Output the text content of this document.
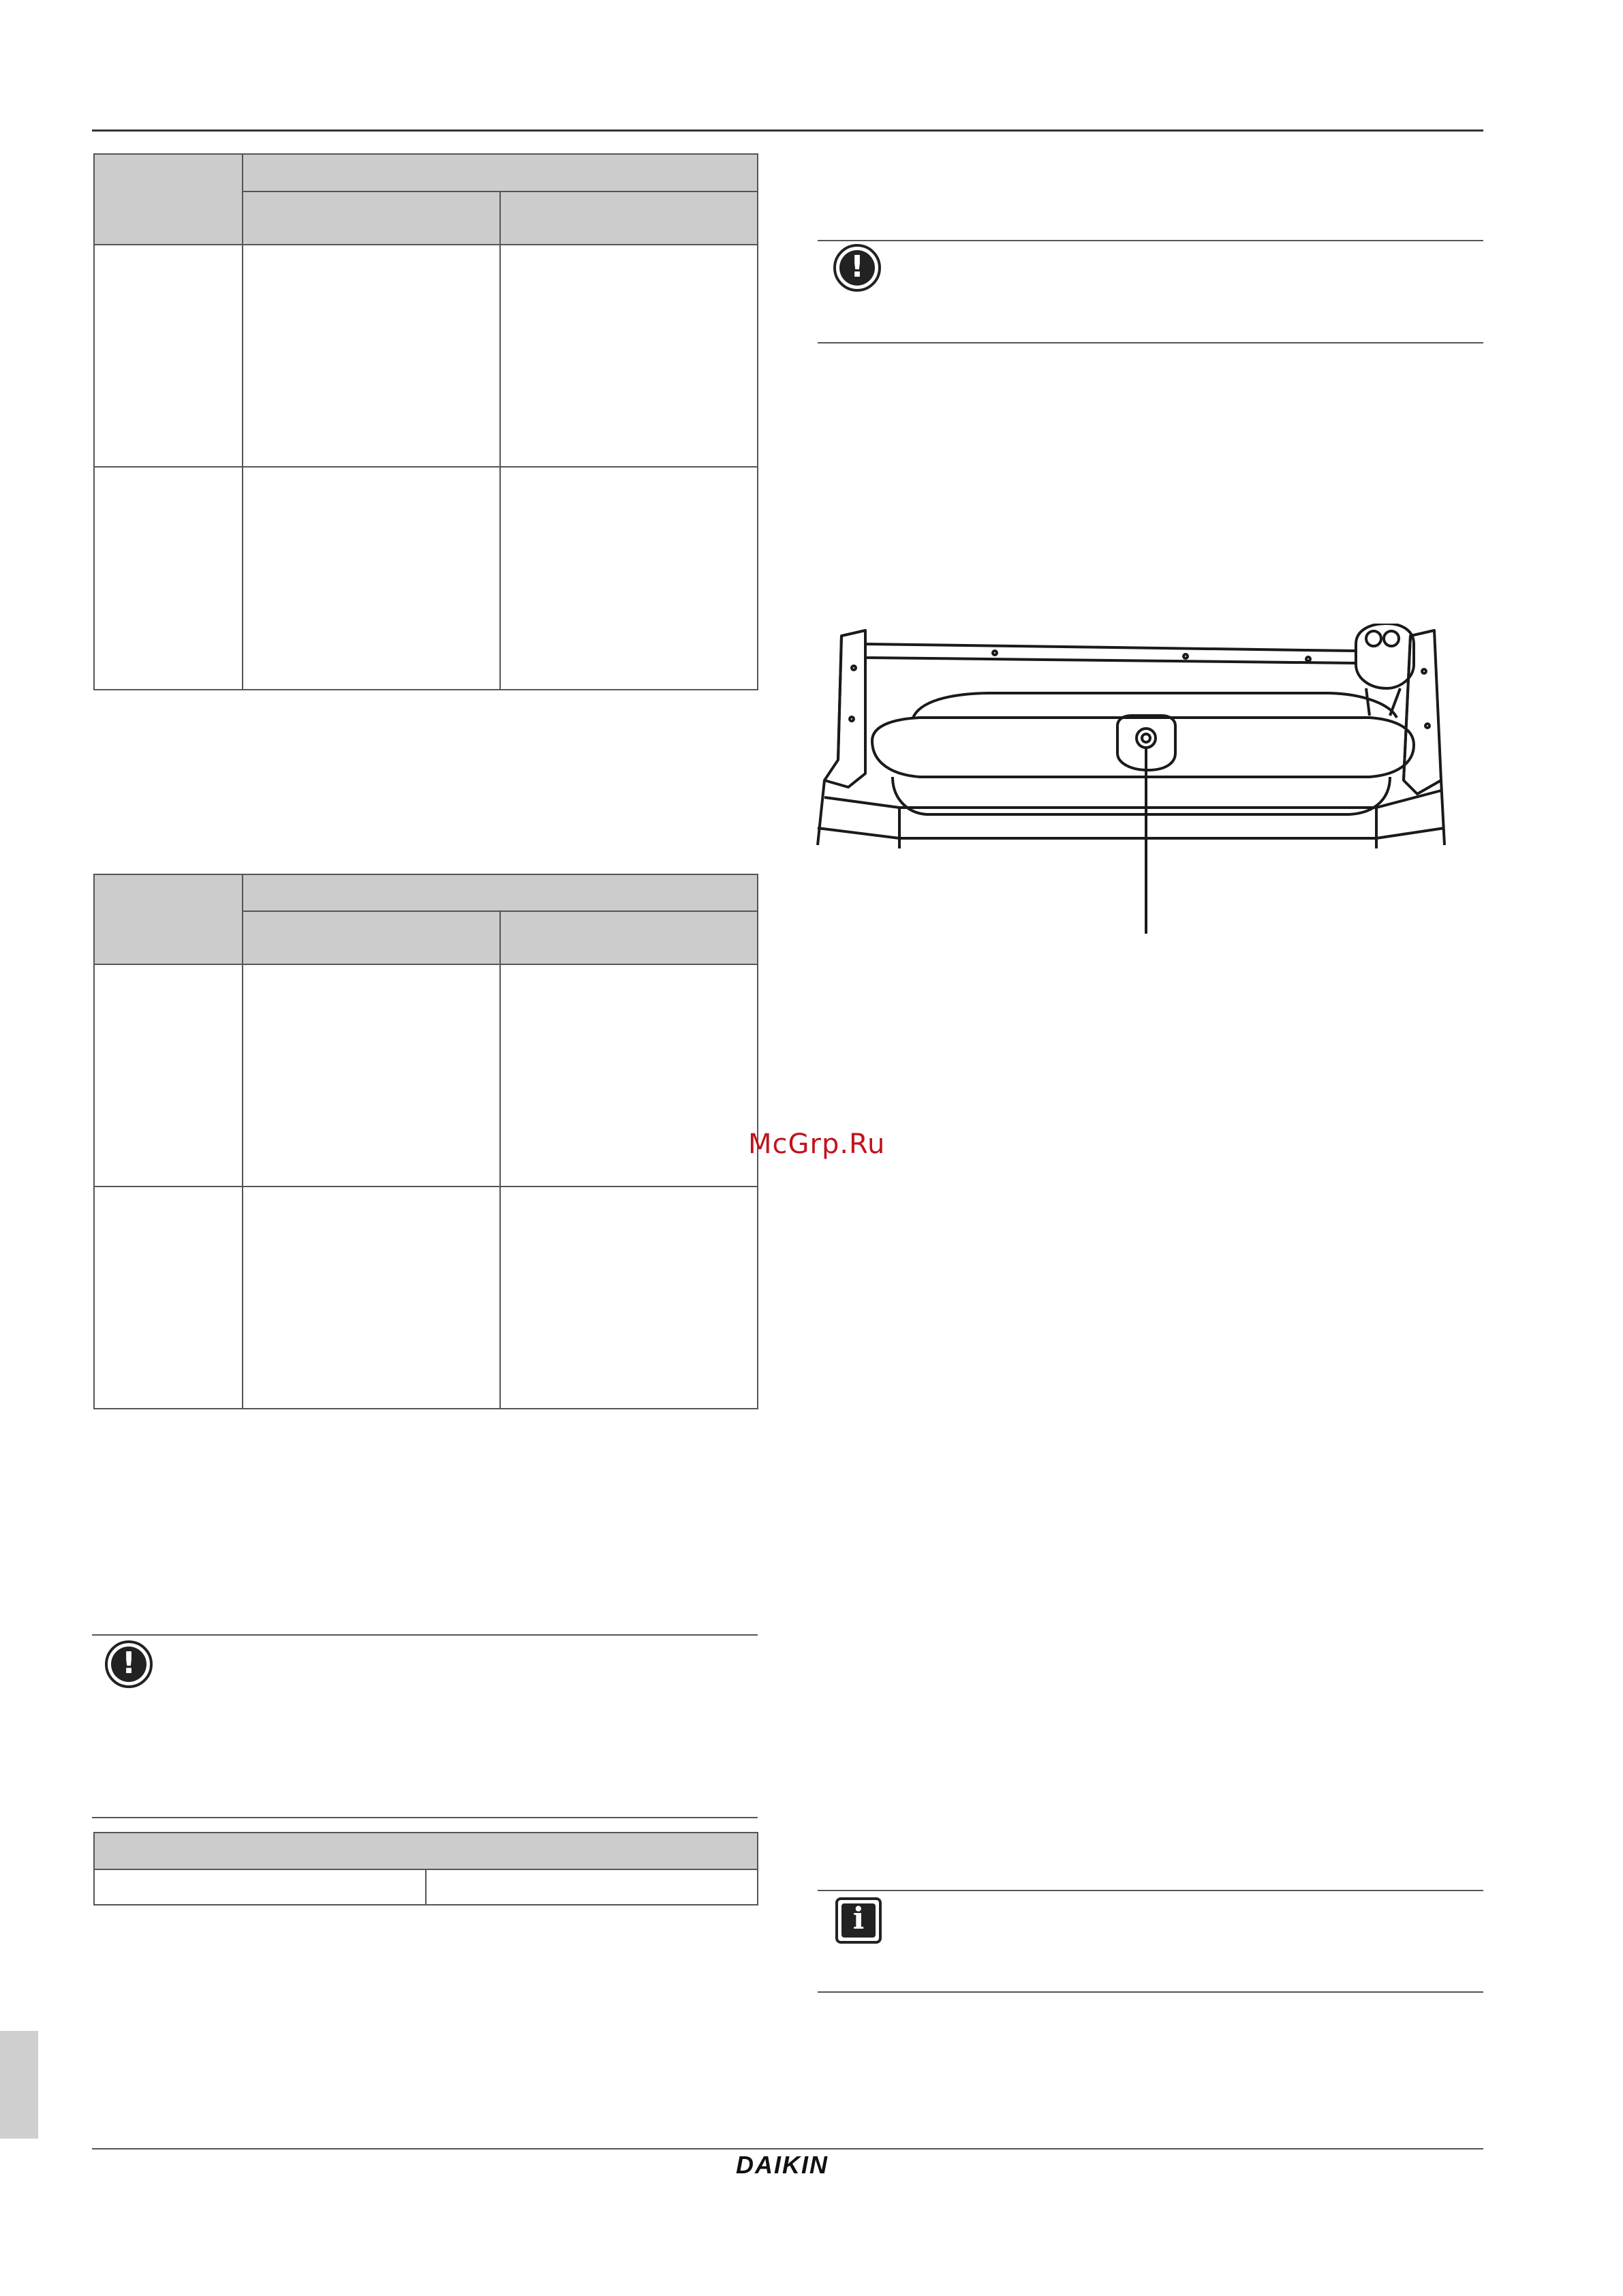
!

!
McGrp.Ru
i
DAIKIN
